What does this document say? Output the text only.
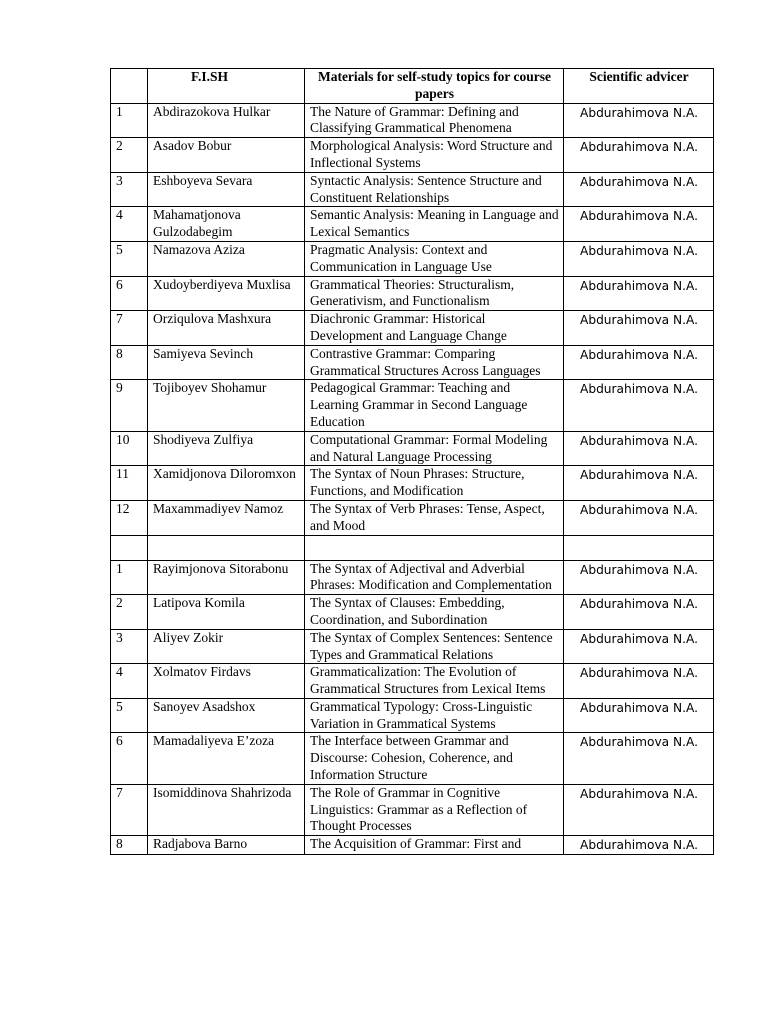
	F.I.SH	Materials for self-study topics for course papers	Scientific advicer
1	Abdirazokova Hulkar	The Nature of Grammar: Defining and Classifying Grammatical Phenomena	Abdurahimova N.A.
2	Asadov Bobur	Morphological Analysis: Word Structure and Inflectional Systems	Abdurahimova N.A.
3	Eshboyeva Sevara	Syntactic Analysis: Sentence Structure and Constituent Relationships	Abdurahimova N.A.
4	Mahamatjonova Gulzodabegim	Semantic Analysis: Meaning in Language and Lexical Semantics	Abdurahimova N.A.
5	Namazova Aziza	Pragmatic Analysis: Context and Communication in Language Use	Abdurahimova N.A.
6	Xudoyberdiyeva Muxlisa	Grammatical Theories: Structuralism, Generativism, and Functionalism	Abdurahimova N.A.
7	Orziqulova Mashxura	Diachronic Grammar: Historical Development and Language Change	Abdurahimova N.A.
8	Samiyeva Sevinch	Contrastive Grammar: Comparing Grammatical Structures Across Languages	Abdurahimova N.A.
9	Tojiboyev Shohamur	Pedagogical Grammar: Teaching and Learning Grammar in Second Language Education	Abdurahimova N.A.
10	Shodiyeva Zulfiya	Computational Grammar: Formal Modeling and Natural Language Processing	Abdurahimova N.A.
11	Xamidjonova Diloromxon	The Syntax of Noun Phrases: Structure, Functions, and Modification	Abdurahimova N.A.
12	Maxammadiyev Namoz	The Syntax of Verb Phrases: Tense, Aspect, and Mood	Abdurahimova N.A.

1	Rayimjonova Sitorabonu	The Syntax of Adjectival and Adverbial Phrases: Modification and Complementation	Abdurahimova N.A.
2	Latipova Komila	The Syntax of Clauses: Embedding, Coordination, and Subordination	Abdurahimova N.A.
3	Aliyev Zokir	The Syntax of Complex Sentences: Sentence Types and Grammatical Relations	Abdurahimova N.A.
4	Xolmatov Firdavs	Grammaticalization: The Evolution of Grammatical Structures from Lexical Items	Abdurahimova N.A.
5	Sanoyev Asadshox	Grammatical Typology: Cross-Linguistic Variation in Grammatical Systems	Abdurahimova N.A.
6	Mamadaliyeva E’zoza	The Interface between Grammar and Discourse: Cohesion, Coherence, and Information Structure	Abdurahimova N.A.
7	Isomiddinova Shahrizoda	The Role of Grammar in Cognitive Linguistics: Grammar as a Reflection of Thought Processes	Abdurahimova N.A.
8	Radjabova Barno	The Acquisition of Grammar: First and	Abdurahimova N.A.
